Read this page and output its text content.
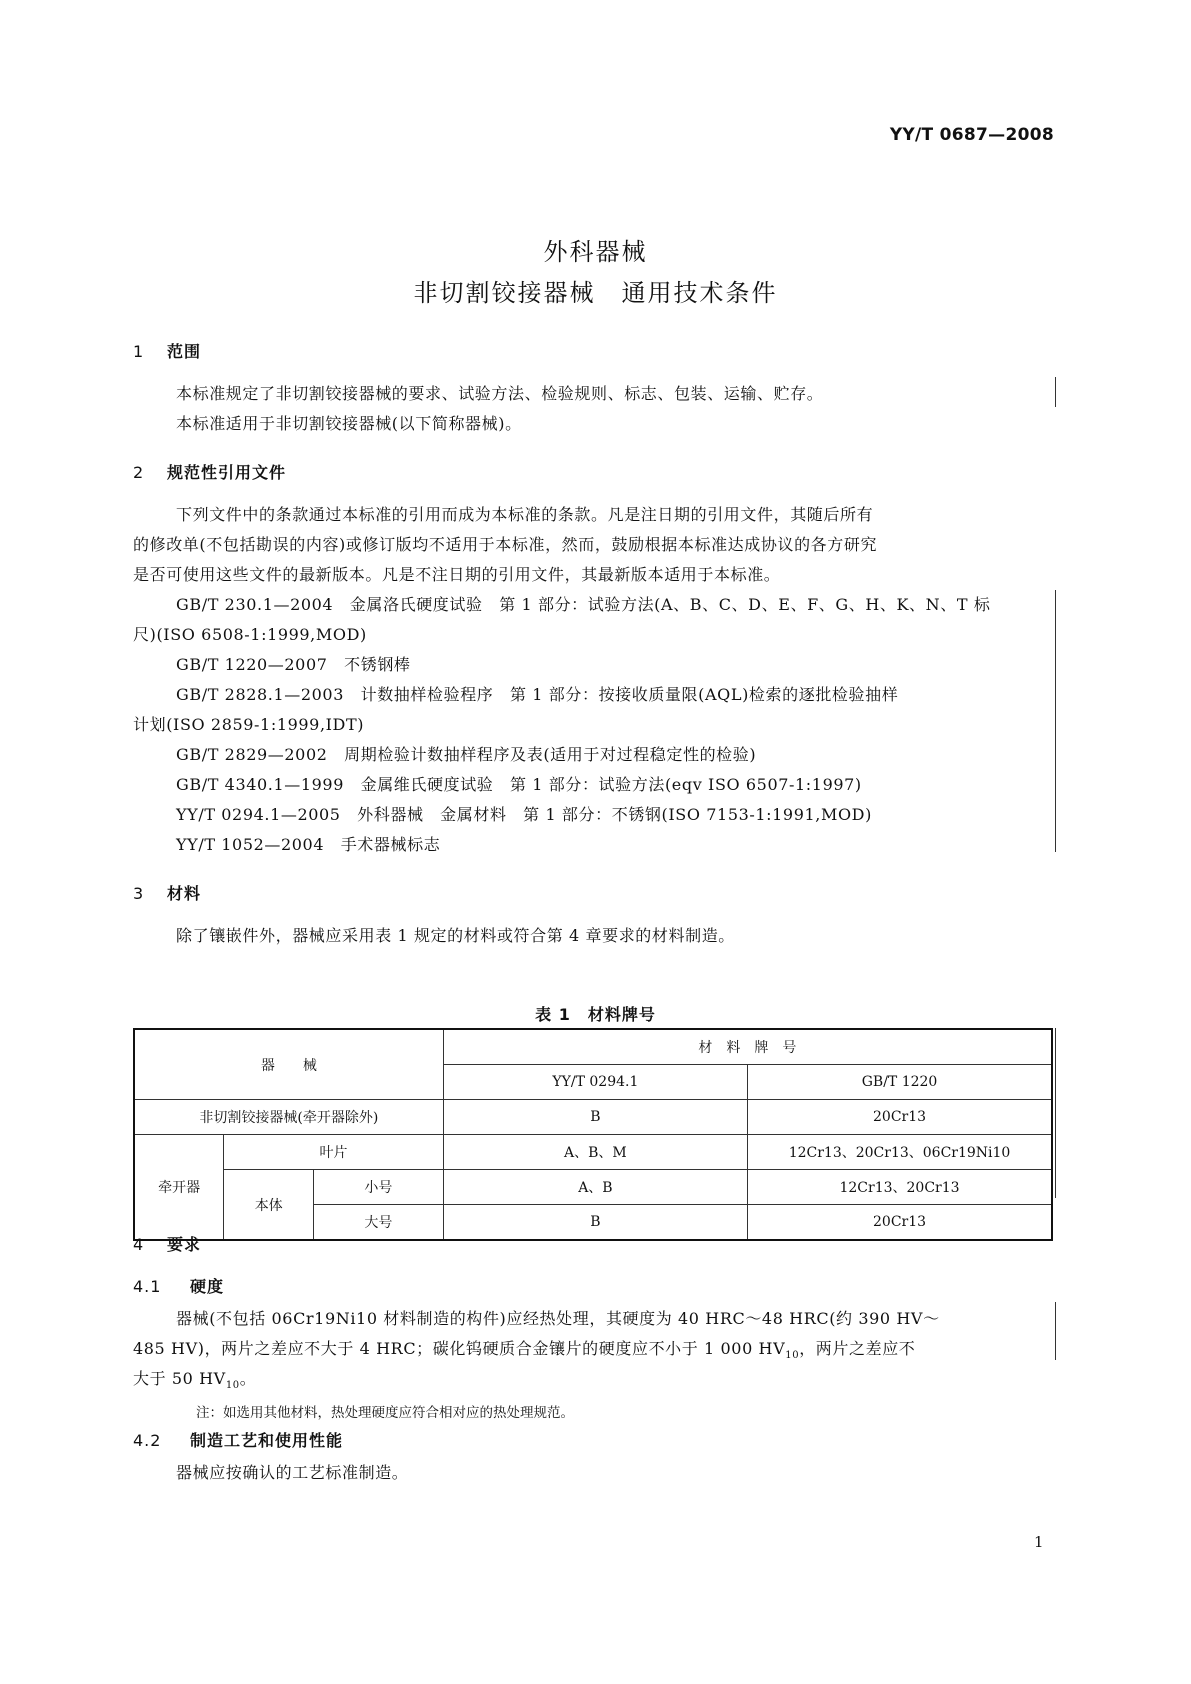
YY/T 0687—2008
外科器械
非切割铰接器械　通用技术条件
1 范围
本标准规定了非切割铰接器械的要求、试验方法、检验规则、标志、包装、运输、贮存。
本标准适用于非切割铰接器械(以下简称器械)。
2 规范性引用文件
下列文件中的条款通过本标准的引用而成为本标准的条款。凡是注日期的引用文件，其随后所有
的修改单(不包括勘误的内容)或修订版均不适用于本标准，然而，鼓励根据本标准达成协议的各方研究
是否可使用这些文件的最新版本。凡是不注日期的引用文件，其最新版本适用于本标准。
GB/T 230.1—2004　金属洛氏硬度试验　第 1 部分：试验方法(A、B、C、D、E、F、G、H、K、N、T 标
尺)(ISO 6508-1:1999,MOD)
GB/T 1220—2007　不锈钢棒
GB/T 2828.1—2003　计数抽样检验程序　第 1 部分：按接收质量限(AQL)检索的逐批检验抽样
计划(ISO 2859-1:1999,IDT)
GB/T 2829—2002　周期检验计数抽样程序及表(适用于对过程稳定性的检验)
GB/T 4340.1—1999　金属维氏硬度试验　第 1 部分：试验方法(eqv ISO 6507-1:1997)
YY/T 0294.1—2005　外科器械　金属材料　第 1 部分：不锈钢(ISO 7153-1:1991,MOD)
YY/T 1052—2004　手术器械标志
3 材料
除了镶嵌件外，器械应采用表 1 规定的材料或符合第 4 章要求的材料制造。
表 1　材料牌号
器　　械			材　料　牌　号	
			YY/T 0294.1	GB/T 1220
非切割铰接器械(牵开器除外)			B	20Cr13
牵开器	叶片		A、B、M	12Cr13、20Cr13、06Cr19Ni10
	本体	小号	A、B	12Cr13、20Cr13
		大号	B	20Cr13
4 要求
4.1 硬度
器械(不包括 06Cr19Ni10 材料制造的构件)应经热处理，其硬度为 40 HRC～48 HRC(约 390 HV～
485 HV)，两片之差应不大于 4 HRC；碳化钨硬质合金镶片的硬度应不小于 1 000 $HV_{10}$，两片之差应不
大于 50 $HV_{10}$。
注：如选用其他材料，热处理硬度应符合相对应的热处理规范。
4.2 制造工艺和使用性能
器械应按确认的工艺标准制造。
1
